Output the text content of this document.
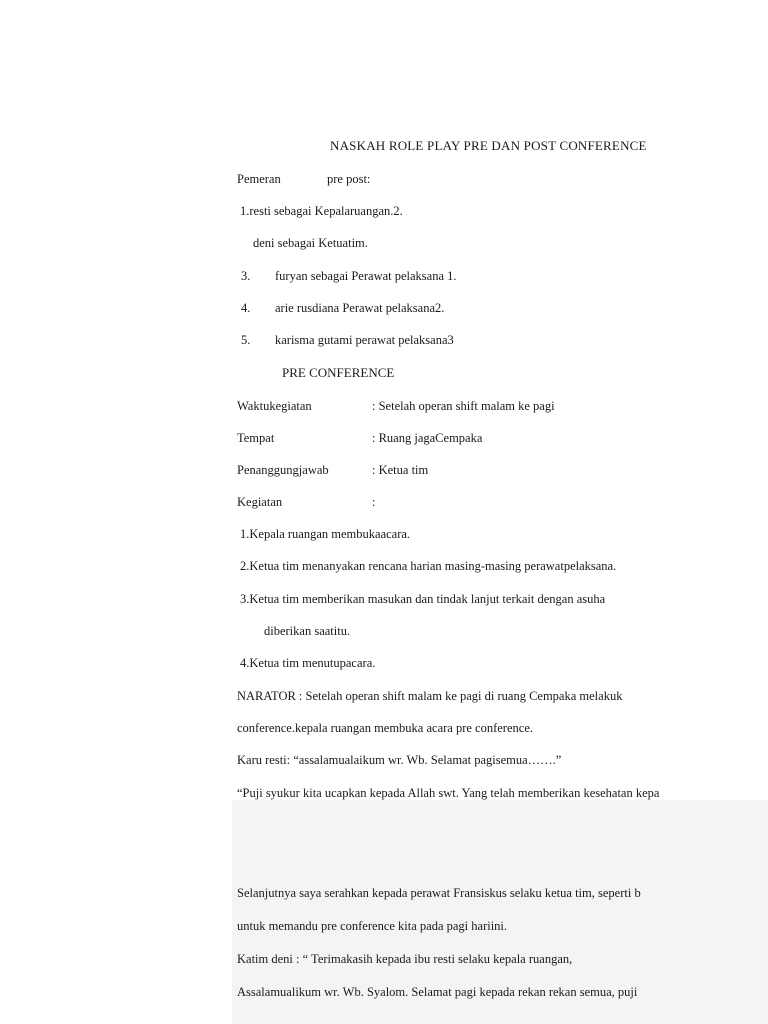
NASKAH ROLE PLAY PRE DAN POST CONFERENCE
Pemeran	pre post:
1.resti sebagai Kepalaruangan.2.
deni sebagai Ketuatim.
3. furyan sebagai Perawat pelaksana 1.
4. arie rusdiana Perawat pelaksana2.
5. karisma gutami perawat pelaksana3
PRE CONFERENCE
Waktukegiatan	: Setelah operan shift malam ke pagi
Tempat	: Ruang jagaCempaka
Penanggungjawab	: Ketua tim
Kegiatan	:
1.Kepala ruangan membukaacara.
2.Ketua tim menanyakan rencana harian masing-masing perawatpelaksana.
3.Ketua tim memberikan masukan dan tindak lanjut terkait dengan asuha
diberikan saatitu.
4.Ketua tim menutupacara.
NARATOR : Setelah operan shift malam ke pagi di ruang Cempaka melakuk
conference.kepala ruangan membuka acara pre conference.
Karu resti: “assalamualaikum wr. Wb. Selamat pagisemua…….”
“Puji syukur kita ucapkan kepada Allah swt. Yang telah memberikan kesehatan kepa
Selanjutnya saya serahkan kepada perawat Fransiskus selaku ketua tim, seperti b
untuk memandu pre conference kita pada pagi hariini.
Katim deni : “ Terimakasih kepada ibu resti selaku kepala ruangan,
Assalamualikum wr. Wb. Syalom. Selamat pagi kepada rekan rekan semua, puji
